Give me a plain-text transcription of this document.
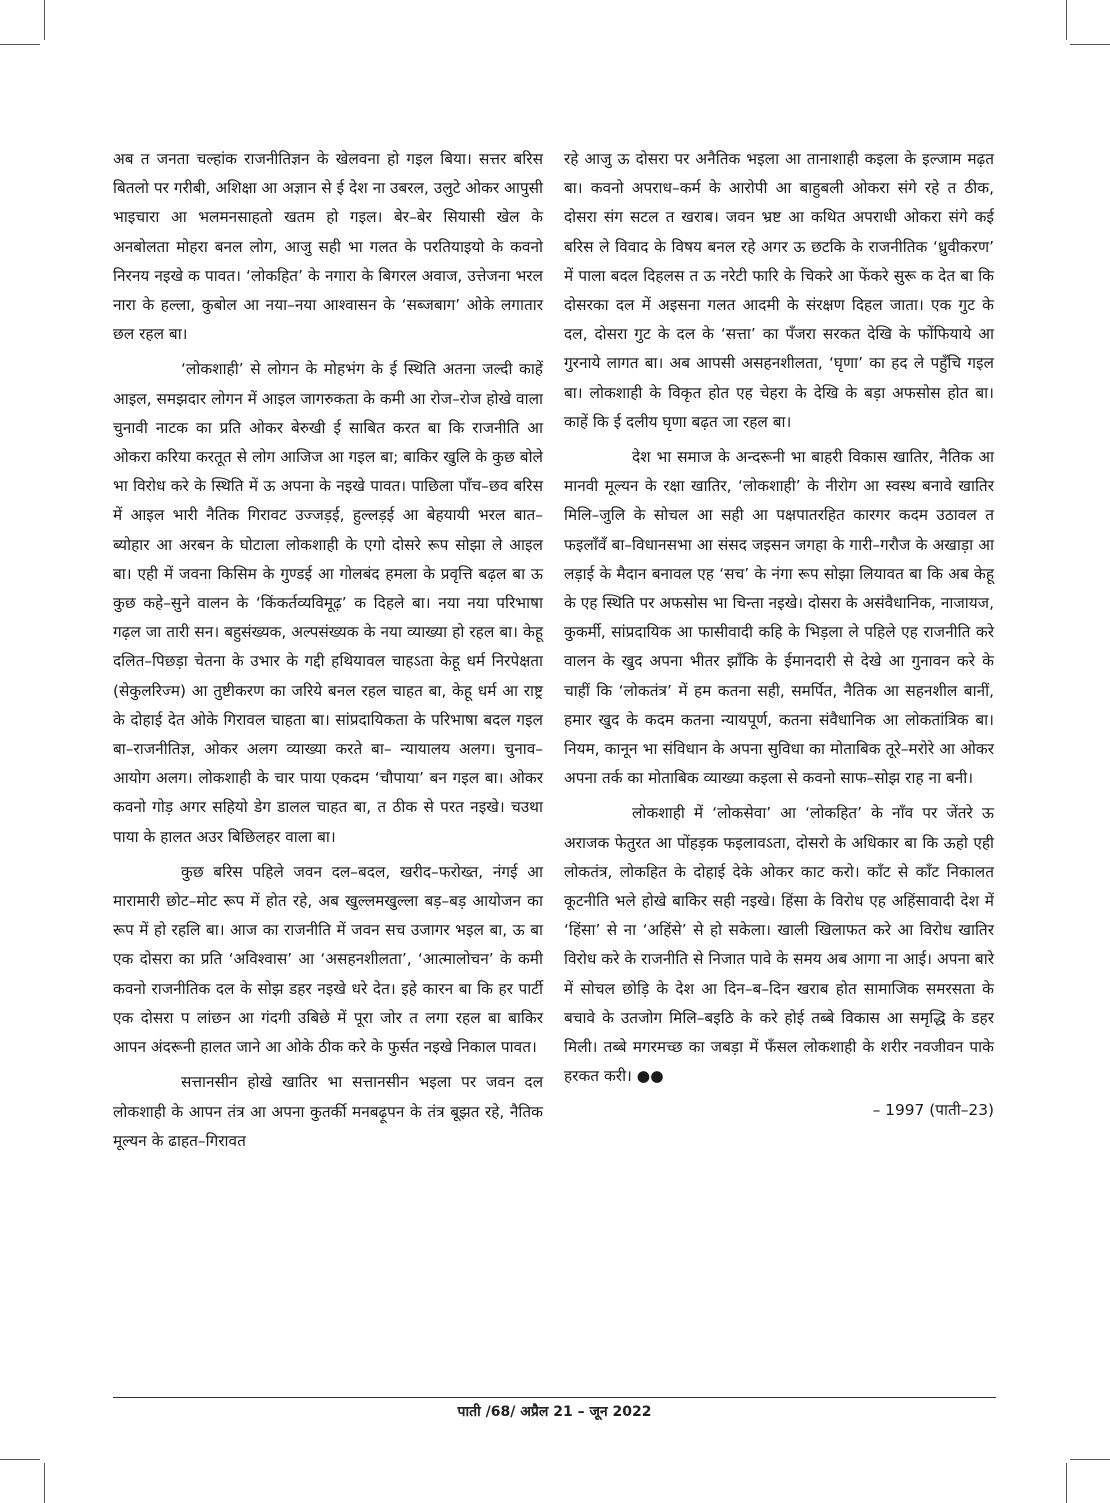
अब त जनता चल्हांक राजनीतिज्ञन के खेलवना हो गइल बिया। सत्तर बरिस बितलो पर गरीबी, अशिक्षा आ अज्ञान से ई देश ना उबरल, उलुटे ओकर आपुसी भाइचारा आ भलमनसाहतो खतम हो गइल। बेर–बेर सियासी खेल के अनबोलता मोहरा बनल लोग, आजु सही भा गलत के परतियाइयो के कवनो निरनय नइखे क पावत। ‘लोकहित’ के नगारा के बिगरल अवाज, उत्तेजना भरल नारा के हल्ला, कुबोल आ नया–नया आश्वासन के ‘सब्जबाग’ ओके लगातार छल रहल बा।

‘लोकशाही’ से लोगन के मोहभंग के ई स्थिति अतना जल्दी काहें आइल, समझदार लोगन में आइल जागरुकता के कमी आ रोज–रोज होखे वाला चुनावी नाटक का प्रति ओकर बेरुखी ई साबित करत बा कि राजनीति आ ओकरा करिया करतूत से लोग आजिज आ गइल बा; बाकिर खुलि के कुछ बोले भा विरोध करे के स्थिति में ऊ अपना के नइखे पावत। पाछिला पाँच–छव बरिस में आइल भारी नैतिक गिरावट उज्जड़ई, हुल्लड़ई आ बेहयायी भरल बात–ब्योहार आ अरबन के घोटाला लोकशाही के एगो दोसरे रूप सोझा ले आइल बा। एही में जवना किसिम के गुण्डई आ गोलबंद हमला के प्रवृत्ति बढ़ल बा ऊ कुछ कहे–सुने वालन के ‘किंकर्तव्यविमूढ़’ क दिहले बा। नया नया परिभाषा गढ़ल जा तारी सन। बहुसंख्यक, अल्पसंख्यक के नया व्याख्या हो रहल बा। केहू दलित–पिछड़ा चेतना के उभार के गद्दी हथियावल चाहऽता केहू धर्म निरपेक्षता (सेकुलरिज्म) आ तुष्टीकरण का जरिये बनल रहल चाहत बा, केहू धर्म आ राष्ट्र के दोहाई देत ओके गिरावल चाहता बा। सांप्रदायिकता के परिभाषा बदल गइल बा–राजनीतिज्ञ, ओकर अलग व्याख्या करते बा– न्यायालय अलग। चुनाव–आयोग अलग। लोकशाही के चार पाया एकदम ‘चौपाया’ बन गइल बा। ओकर कवनो गोड़ अगर सहियो डेग डालल चाहत बा, त ठीक से परत नइखे। चउथा पाया के हालत अउर बिछिलहर वाला बा।

कुछ बरिस पहिले जवन दल–बदल, खरीद–फरोख्त, नंगई आ मारामारी छोट–मोट रूप में होत रहे, अब खुल्लमखुल्ला बड़–बड़ आयोजन का रूप में हो रहलि बा। आज का राजनीति में जवन सच उजागर भइल बा, ऊ बा एक दोसरा का प्रति ‘अविश्वास’ आ ‘असहनशीलता’, ‘आत्मालोचन’ के कमी कवनो राजनीतिक दल के सोझ डहर नइखे धरे देत। इहे कारन बा कि हर पार्टी एक दोसरा प लांछन आ गंदगी उबिछे में पूरा जोर त लगा रहल बा बाकिर आपन अंदरूनी हालत जाने आ ओके ठीक करे के फुर्सत नइखे निकाल पावत।

सत्तानसीन होखे खातिर भा सत्तानसीन भइला पर जवन दल लोकशाही के आपन तंत्र आ अपना कुतर्की मनबढ़ूपन के तंत्र बूझत रहे, नैतिक मूल्यन के ढाहत–गिरावत

रहे आजु ऊ दोसरा पर अनैतिक भइला आ तानाशाही कइला के इल्जाम मढ़त बा। कवनो अपराध–कर्म के आरोपी आ बाहुबली ओकरा संगे रहे त ठीक, दोसरा संग सटल त खराब। जवन भ्रष्ट आ कथित अपराधी ओकरा संगे कई बरिस ले विवाद के विषय बनल रहे अगर ऊ छटकि के राजनीतिक ‘ध्रुवीकरण’ में पाला बदल दिहलस त ऊ नरेटी फारि के चिकरे आ फेंकरे सुरू क देत बा कि दोसरका दल में अइसना गलत आदमी के संरक्षण दिहल जाता। एक गुट के दल, दोसरा गुट के दल के ‘सत्ता’ का पँजरा सरकत देखि के फोंफियाये आ गुरनाये लागत बा। अब आपसी असहनशीलता, ‘घृणा’ का हद ले पहुँचि गइल बा। लोकशाही के विकृत होत एह चेहरा के देखि के बड़ा अफसोस होत बा। काहें कि ई दलीय घृणा बढ़त जा रहल बा।

देश भा समाज के अन्दरूनी भा बाहरी विकास खातिर, नैतिक आ मानवी मूल्यन के रक्षा खातिर, ‘लोकशाही’ के नीरोग आ स्वस्थ बनावे खातिर मिलि–जुलि के सोचल आ सही आ पक्षपातरहित कारगर कदम उठावल त फइलाँवँ बा–विधानसभा आ संसद जइसन जगहा के गारी–गरौज के अखाड़ा आ लड़ाई के मैदान बनावल एह ‘सच’ के नंगा रूप सोझा लियावत बा कि अब केहू के एह स्थिति पर अफसोस भा चिन्ता नइखे। दोसरा के असंवैधानिक, नाजायज, कुकर्मी, सांप्रदायिक आ फासीवादी कहि के भिड़ला ले पहिले एह राजनीति करे वालन के खुद अपना भीतर झाँकि के ईमानदारी से देखे आ गुनावन करे के चाहीं कि ‘लोकतंत्र’ में हम कतना सही, समर्पित, नैतिक आ सहनशील बानीं, हमार खुद के कदम कतना न्यायपूर्ण, कतना संवैधानिक आ लोकतांत्रिक बा। नियम, कानून भा संविधान के अपना सुविधा का मोताबिक तूरे–मरोरे आ ओकर अपना तर्क का मोताबिक व्याख्या कइला से कवनो साफ–सोझ राह ना बनी।

लोकशाही में ‘लोकसेवा’ आ ‘लोकहित’ के नाँव पर जेंतरे ऊ अराजक फेतुरत आ पोंहड़क फइलावऽता, दोसरो के अधिकार बा कि ऊहो एही लोकतंत्र, लोकहित के दोहाई देके ओकर काट करो। काँट से काँट निकालत कूटनीति भले होखे बाकिर सही नइखे। हिंसा के विरोध एह अहिंसावादी देश में ‘हिंसा’ से ना ‘अहिंसे’ से हो सकेला। खाली खिलाफत करे आ विरोध खातिर विरोध करे के राजनीति से निजात पावे के समय अब आगा ना आई। अपना बारे में सोचल छोड़ि के देश आ दिन–ब–दिन खराब होत सामाजिक समरसता के बचावे के उतजोग मिलि–बइठि के करे होई तब्बे विकास आ समृद्धि के डहर मिली। तब्बे मगरमच्छ का जबड़ा में फँसल लोकशाही के शरीर नवजीवन पाके हरकत करी। ●●

– 1997 (पाती–23)
पाती /68/ अप्रैल 21 – जून 2022
